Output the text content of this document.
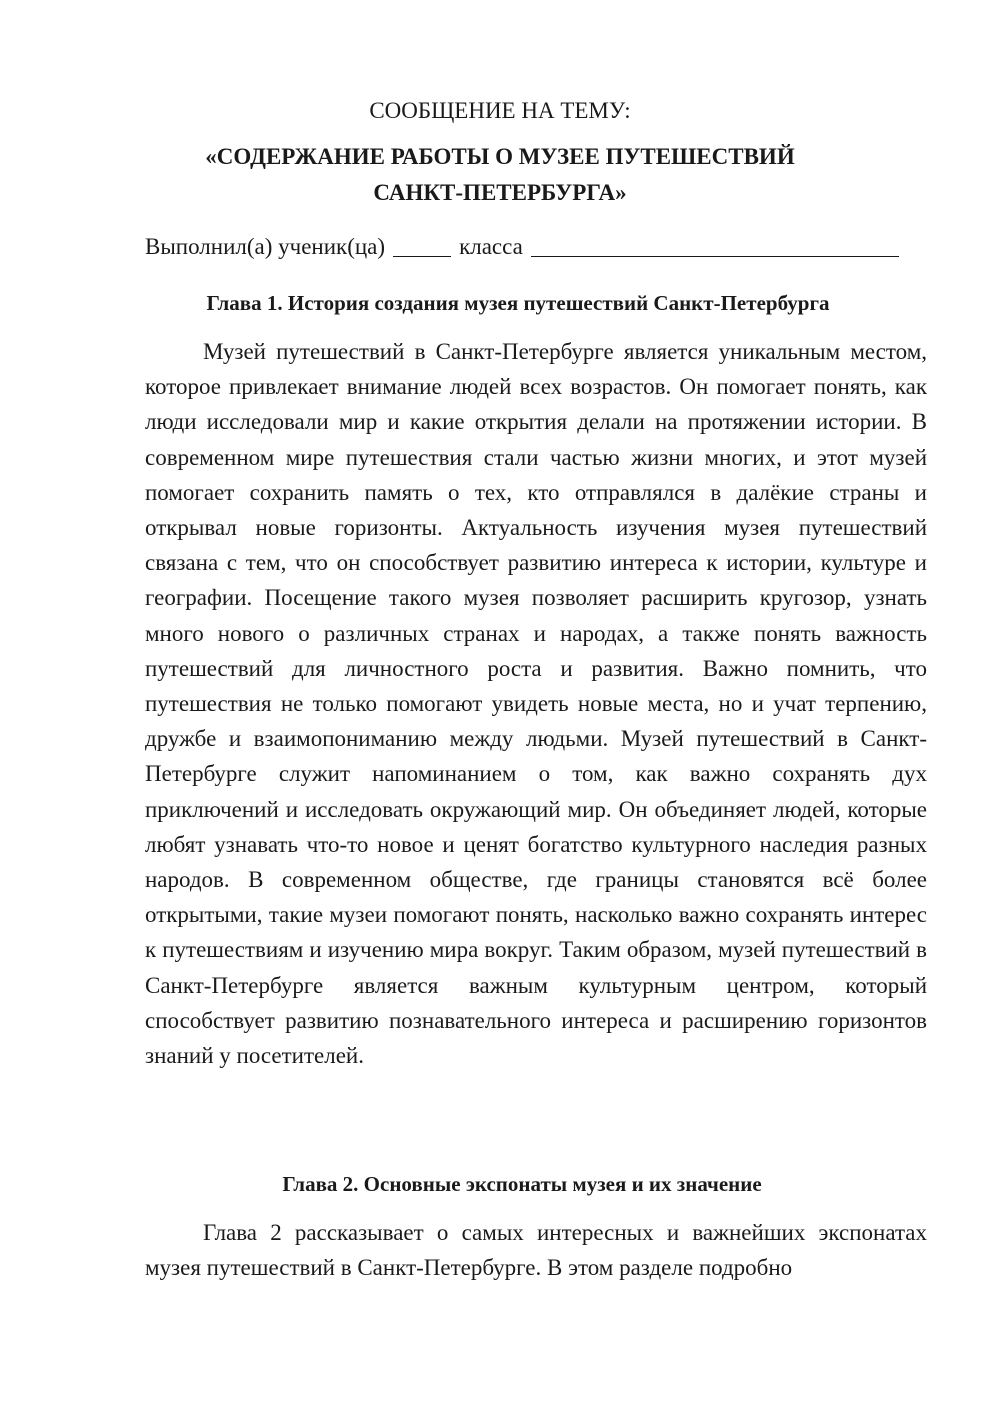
СООБЩЕНИЕ НА ТЕМУ:
«СОДЕРЖАНИЕ РАБОТЫ О МУЗЕЕ ПУТЕШЕСТВИЙ
САНКТ-ПЕТЕРБУРГА»
Выполнил(а) ученик(ца)	класса
Глава 1. История создания музея путешествий Санкт-Петербурга
Музей путешествий в Санкт-Петербурге является уникальным местом, которое привлекает внимание людей всех возрастов. Он помогает понять, как люди исследовали мир и какие открытия делали на протяжении истории. В современном мире путешествия стали частью жизни многих, и этот музей помогает сохранить память о тех, кто отправлялся в далёкие страны и открывал новые горизонты. Актуальность изучения музея путешествий связана с тем, что он способствует развитию интереса к истории, культуре и географии. Посещение такого музея позволяет расширить кругозор, узнать много нового о различных странах и народах, а также понять важность путешествий для личностного роста и развития. Важно помнить, что путешествия не только помогают увидеть новые места, но и учат терпению, дружбе и взаимопониманию между людьми. Музей путешествий в Санкт-Петербурге служит напоминанием о том, как важно сохранять дух приключений и исследовать окружающий мир. Он объединяет людей, которые любят узнавать что-то новое и ценят богатство культурного наследия разных народов. В современном обществе, где границы становятся всё более открытыми, такие музеи помогают понять, насколько важно сохранять интерес к путешествиям и изучению мира вокруг. Таким образом, музей путешествий в Санкт-Петербурге является важным культурным центром, который способствует развитию познавательного интереса и расширению горизонтов знаний у посетителей.
Глава 2. Основные экспонаты музея и их значение
Глава 2 рассказывает о самых интересных и важнейших экспонатах музея путешествий в Санкт-Петербурге. В этом разделе подробно
